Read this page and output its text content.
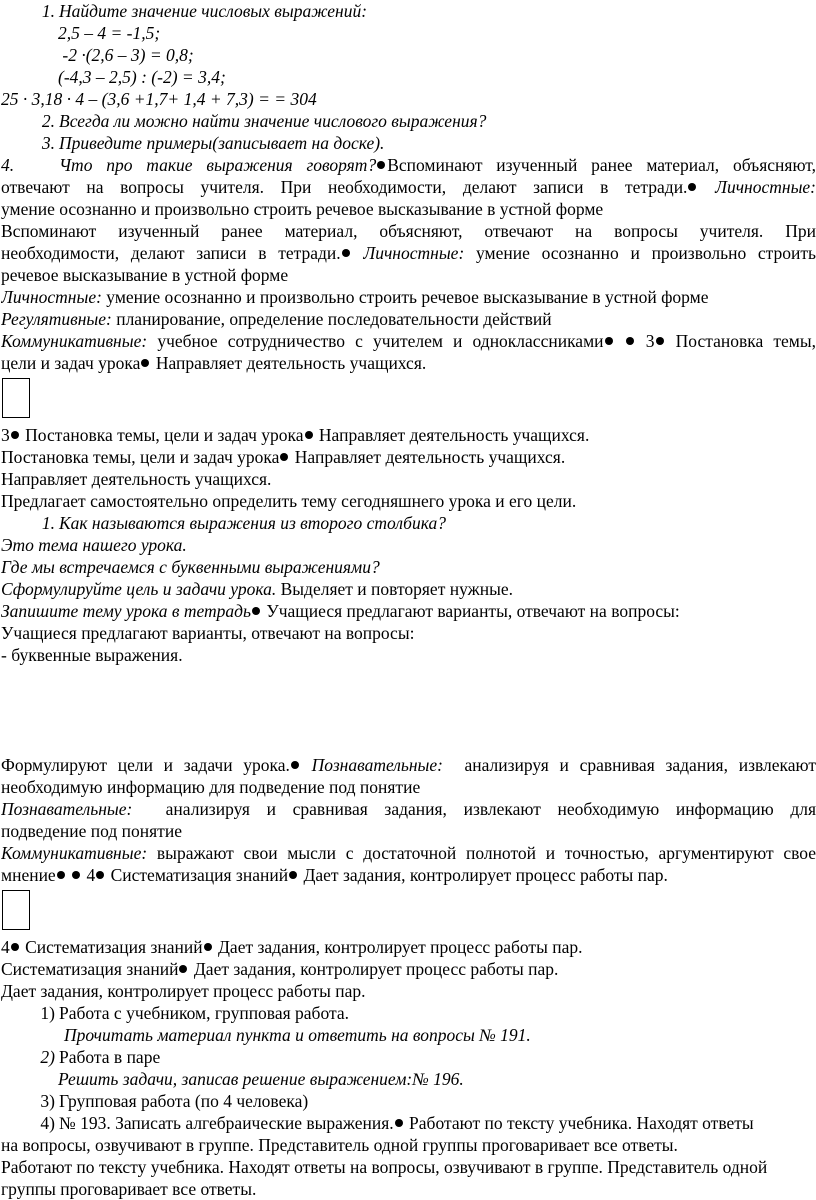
1. Найдите значение числовых выражений:
2,5 – 4 = -1,5;
-2 ·(2,6 – 3) = 0,8;
(-4,3 – 2,5) : (-2) = 3,4;
25 · 3,18 · 4 – (3,6 +1,7+ 1,4 + 7,3) = = 304
2. Всегда ли можно найти значение числового выражения?
3. Приведите примеры(записывает на доске).
4.	Что про такие выражения говорят? Вспоминают изученный ранее материал, объясняют,
отвечают на вопросы учителя. При необходимости, делают записи в тетради. Личностные:
умение осознанно и произвольно строить речевое высказывание в устной форме
Вспоминают изученный ранее материал, объясняют, отвечают на вопросы учителя. При
необходимости, делают записи в тетради. Личностные: умение осознанно и произвольно строить
речевое высказывание в устной форме
Личностные: умение осознанно и произвольно строить речевое высказывание в устной форме
Регулятивные: планирование, определение последовательности действий
Коммуникативные: учебное сотрудничество с учителем и одноклассниками 3 Постановка темы,
цели и задач урока Направляет деятельность учащихся.
3 Постановка темы, цели и задач урока Направляет деятельность учащихся.
Постановка темы, цели и задач урока Направляет деятельность учащихся.
Направляет деятельность учащихся.
Предлагает самостоятельно определить тему сегодняшнего урока и его цели.
1. Как называются выражения из второго столбика?
Это тема нашего урока.
Где мы встречаемся с буквенными выражениями?
Сформулируйте цель и задачи урока. Выделяет и повторяет нужные.
Запишите тему урока в тетрадь Учащиеся предлагают варианты, отвечают на вопросы:
Учащиеся предлагают варианты, отвечают на вопросы:
- буквенные выражения.
Формулируют цели и задачи урока. Познавательные: анализируя и сравнивая задания, извлекают
необходимую информацию для подведение под понятие
Познавательные: анализируя и сравнивая задания, извлекают необходимую информацию для
подведение под понятие
Коммуникативные: выражают свои мысли с достаточной полнотой и точностью, аргументируют свое
мнение 4 Систематизация знаний Дает задания, контролирует процесс работы пар.
4 Систематизация знаний Дает задания, контролирует процесс работы пар.
Систематизация знаний Дает задания, контролирует процесс работы пар.
Дает задания, контролирует процесс работы пар.
1) Работа с учебником, групповая работа.
Прочитать материал пункта и ответить на вопросы № 191.
2) Работа в паре
Решить задачи, записав решение выражением:№ 196.
3) Групповая работа (по 4 человека)
4) № 193. Записать алгебраические выражения. Работают по тексту учебника. Находят ответы
на вопросы, озвучивают в группе. Представитель одной группы проговаривает все ответы.
Работают по тексту учебника. Находят ответы на вопросы, озвучивают в группе. Представитель одной
группы проговаривает все ответы.
